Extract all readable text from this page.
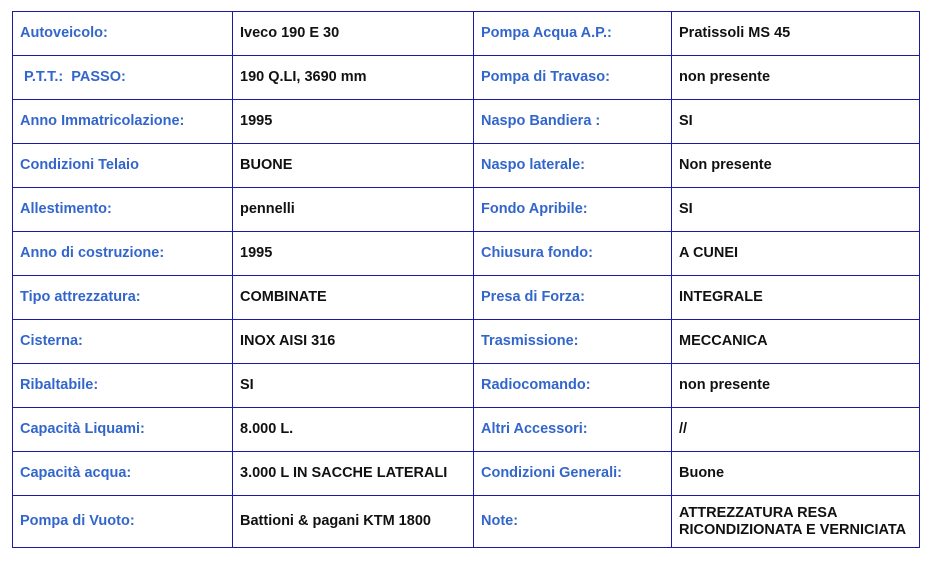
Autoveicolo:	Iveco 190 E 30	Pompa Acqua A.P.:	Pratissoli MS 45
P.T.T.:  PASSO:	190 Q.LI, 3690 mm	Pompa di Travaso:	non presente
Anno Immatricolazione:	1995	Naspo Bandiera :	SI
Condizioni Telaio	BUONE	Naspo laterale:	Non presente
Allestimento:	pennelli	Fondo Apribile:	SI
Anno di costruzione:	1995	Chiusura fondo:	A CUNEI
Tipo attrezzatura:	COMBINATE	Presa di Forza:	INTEGRALE
Cisterna:	INOX AISI 316	Trasmissione:	MECCANICA
Ribaltabile:	SI	Radiocomando:	non presente
Capacità Liquami:	8.000 L.	Altri Accessori:	//
Capacità acqua:	3.000 L IN SACCHE LATERALI	Condizioni Generali:	Buone
Pompa di Vuoto:	Battioni & pagani KTM 1800	Note:	ATTREZZATURA RESA RICONDIZIONATA E VERNICIATA
